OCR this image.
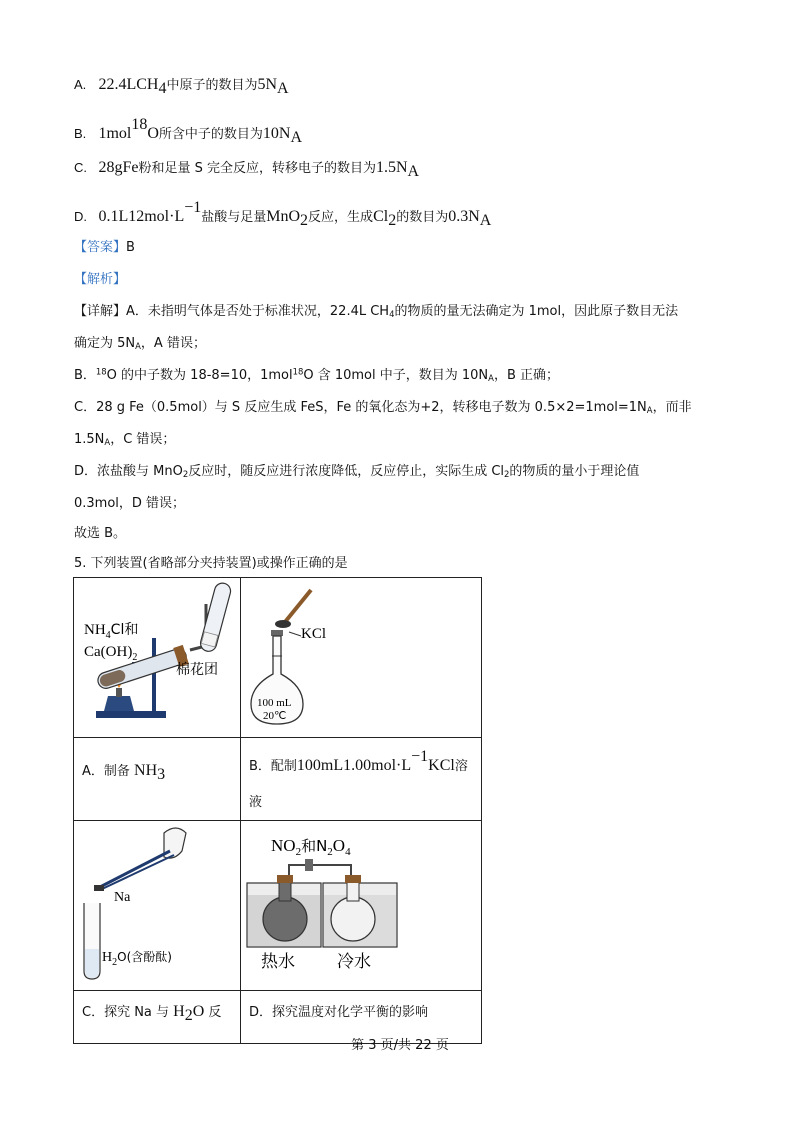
A. $22.4LCH_4$中原子的数目为$5N_A$
B. 1mol$^{18}$O所含中子的数目为$10N_A$
C. 28gFe粉和足量 S 完全反应，转移电子的数目为$1.5N_A$
D. $0.1L12mol\cdot L^{-1}$盐酸与足量MnO$_2$反应，生成$Cl_2$的数目为$0.3N_A$
【答案】B
【解析】
【详解】A．未指明气体是否处于标准状况，22.4L $CH_4$的物质的量无法确定为 1mol，因此原子数目无法
确定为 $5N_A$，A 错误；
B．$^{18}$O 的中子数为 18-8=10，1mol$^{18}$O 含 10mol 中子，数目为 $10N_A$，B 正确；
C．28 g Fe（0.5mol）与 S 反应生成 FeS，Fe 的氧化态为+2，转移电子数为 $0.5\times 2=1mol=1N_A$，而非
$1.5N_A$，C 错误；
D．浓盐酸与 MnO$_2$反应时，随反应进行浓度降低，反应停止，实际生成 $Cl_2$的物质的量小于理论值
0.3mol，D 错误；
故选 B。
5. 下列装置(省略部分夹持装置)或操作正确的是
$NH_4Cl$和
$Ca(OH)_2$
棉花团	KCl
100 mL
20℃

A．制备 $NH_3$	B．配制$100mL1.00mol\cdot L^{-1}KCl$溶
液

Na
$H_2O$(含酚酞)	$NO_2$和$N_2O_4$
热水 冷水

C．探究 Na 与 $H_2O$ 反	D．探究温度对化学平衡的影响
第 3 页/共 22 页
